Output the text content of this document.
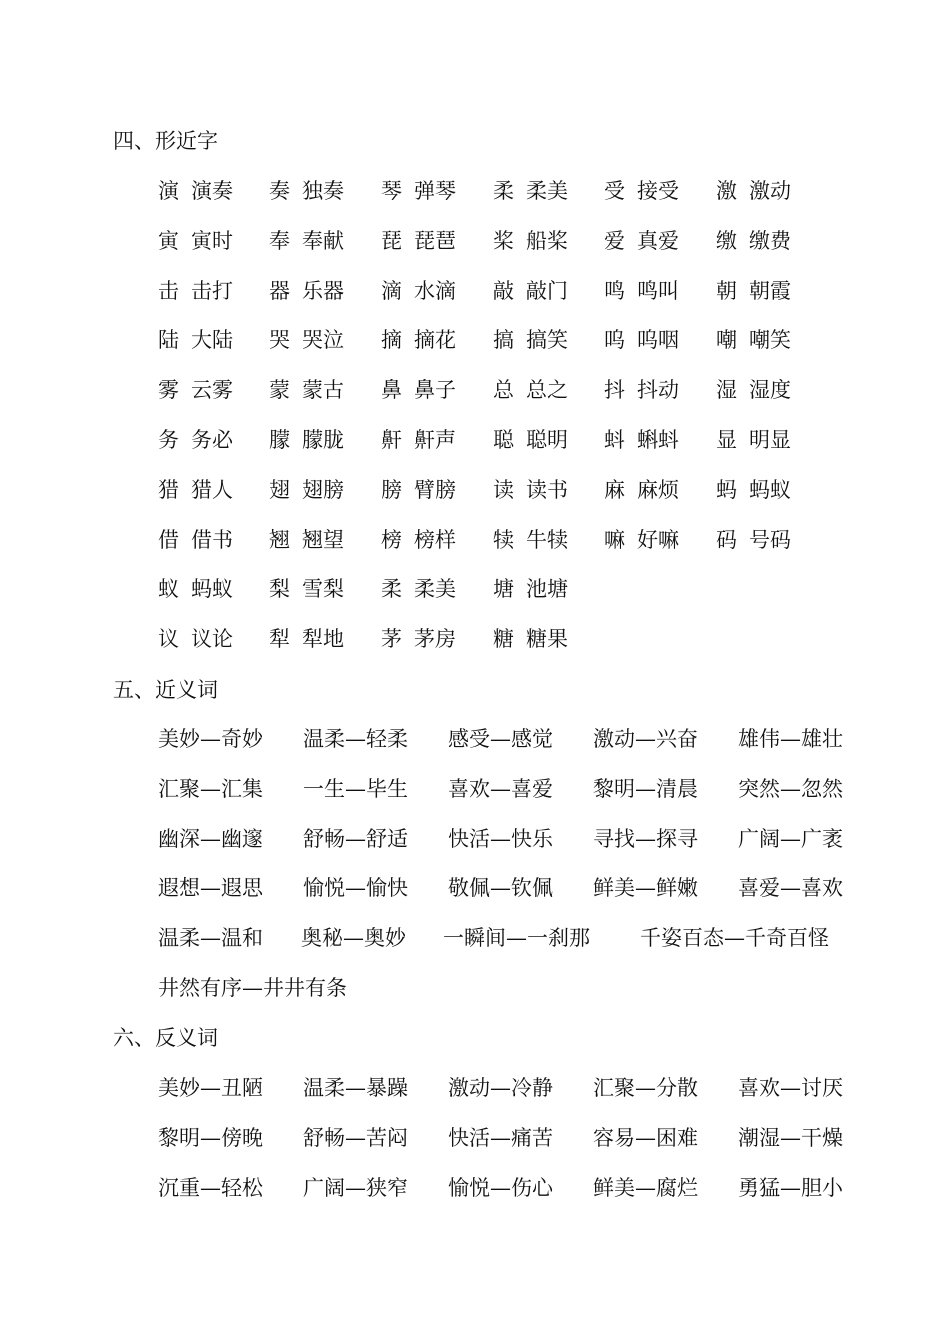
四、形近字
演 演奏 奏 独奏 琴 弹琴 柔 柔美 受 接受 激 激动
寅 寅时 奉 奉献 琵 琵琶 桨 船桨 爱 真爱 缴 缴费
击 击打 器 乐器 滴 水滴 敲 敲门 鸣 鸣叫 朝 朝霞
陆 大陆 哭 哭泣 摘 摘花 搞 搞笑 呜 呜咽 嘲 嘲笑
雾 云雾 蒙 蒙古 鼻 鼻子 总 总之 抖 抖动 湿 湿度
务 务必 朦 朦胧 鼾 鼾声 聪 聪明 蚪 蝌蚪 显 明显
猎 猎人 翅 翅膀 膀 臂膀 读 读书 麻 麻烦 蚂 蚂蚁
借 借书 翘 翘望 榜 榜样 犊 牛犊 嘛 好嘛 码 号码
蚁 蚂蚁 梨 雪梨 柔 柔美 塘 池塘
议 议论 犁 犁地 茅 茅房 糖 糖果
五、近义词
美妙—奇妙 温柔—轻柔 感受—感觉 激动—兴奋 雄伟—雄壮
汇聚—汇集 一生—毕生 喜欢—喜爱 黎明—清晨 突然—忽然
幽深—幽邃 舒畅—舒适 快活—快乐 寻找—探寻 广阔—广袤
遐想—遐思 愉悦—愉快 敬佩—钦佩 鲜美—鲜嫩 喜爱—喜欢
温柔—温和 奥秘—奥妙 一瞬间—一刹那 千姿百态—千奇百怪
井然有序—井井有条
六、反义词
美妙—丑陋 温柔—暴躁 激动—冷静 汇聚—分散 喜欢—讨厌
黎明—傍晚 舒畅—苦闷 快活—痛苦 容易—困难 潮湿—干燥
沉重—轻松 广阔—狭窄 愉悦—伤心 鲜美—腐烂 勇猛—胆小
